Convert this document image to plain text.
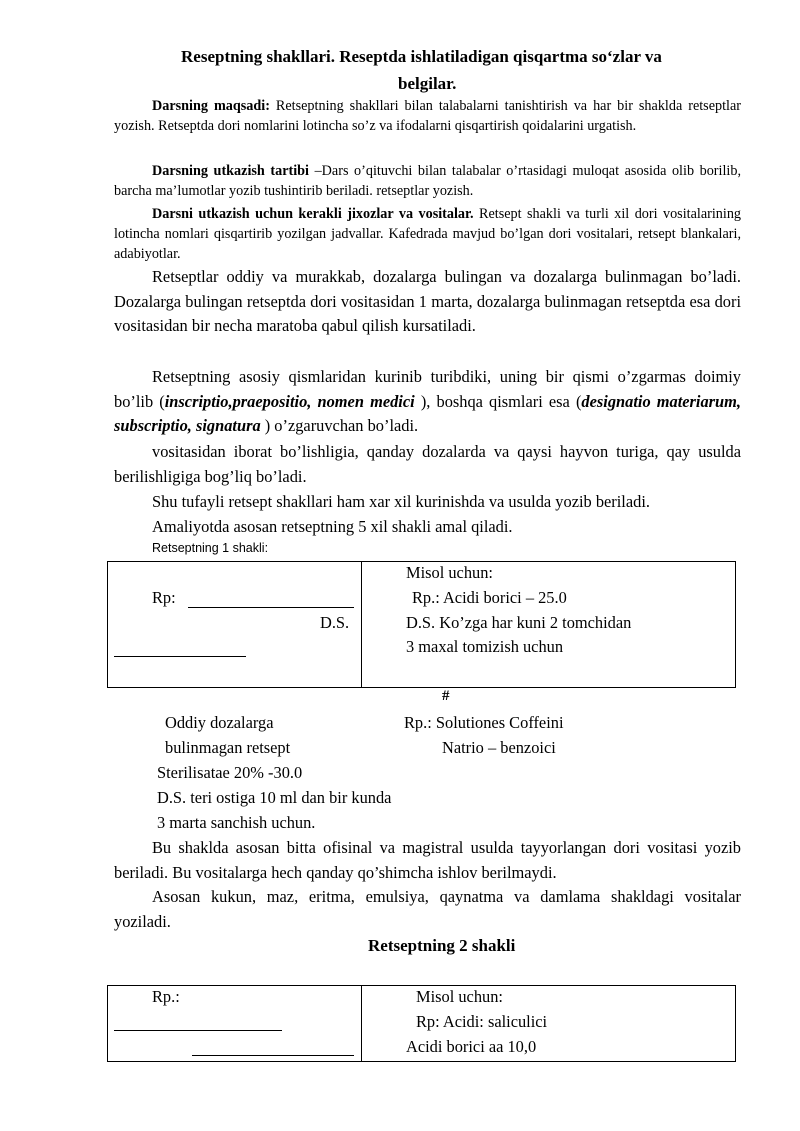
Reseptning shakllari. Reseptda ishlatiladigan qisqartma so‘zlar va
belgilar.
Darsning maqsadi: Retseptning shakllari bilan talabalarni tanishtirish va har bir shaklda retseptlar yozish. Retseptda dori nomlarini lotincha so’z va ifodalarni qisqartirish qoidalarini urgatish.
Darsning utkazish tartibi –Dars o’qituvchi bilan talabalar o’rtasidagi muloqat asosida olib borilib, barcha ma’lumotlar yozib tushintirib beriladi. retseptlar yozish.
Darsni utkazish uchun kerakli jixozlar va vositalar. Retsept shakli va turli xil dori vositalarining lotincha nomlari qisqartirib yozilgan jadvallar. Kafedrada mavjud bo’lgan dori vositalari, retsept blankalari, adabiyotlar.
Retseptlar oddiy va murakkab, dozalarga bulingan va dozalarga bulinmagan bo’ladi. Dozalarga bulingan retseptda dori vositasidan 1 marta, dozalarga bulinmagan retseptda esa dori vositasidan bir necha maratoba qabul qilish kursatiladi.
Retseptning asosiy qismlaridan kurinib turibdiki, uning bir qismi o’zgarmas doimiy bo’lib (inscriptio,praepositio, nomen medici ), boshqa qismlari esa (designatio materiarum, subscriptio, signatura ) o’zgaruvchan bo’ladi.
vositasidan iborat bo’lishligia, qanday dozalarda va qaysi hayvon turiga, qay usulda berilishligiga bog’liq bo’ladi.
Shu tufayli retsept shakllari ham xar xil kurinishda va usulda yozib beriladi.
Amaliyotda asosan retseptning 5 xil shakli amal qiladi.
Retseptning 1 shakli:
Rp:
D.S.
Misol uchun:
Rp.: Acidi borici – 25.0
D.S. Ko’zga har kuni 2 tomchidan
3 maxal tomizish uchun
#
Oddiy dozalarga
bulinmagan retsept
Rp.: Solutiones Coffeini
Natrio – benzoici
Sterilisatae 20% -30.0
D.S. teri ostiga 10 ml dan bir kunda
3 marta sanchish uchun.
Bu shaklda asosan bitta ofisinal va magistral usulda tayyorlangan dori vositasi yozib beriladi. Bu vositalarga hech qanday qo’shimcha ishlov berilmaydi.
Asosan kukun, maz, eritma, emulsiya, qaynatma va damlama shakldagi vositalar yoziladi.
Retseptning 2 shakli
Rp.:	Misol uchun:
Rp: Acidi: saliculici
Acidi borici aa 10,0
